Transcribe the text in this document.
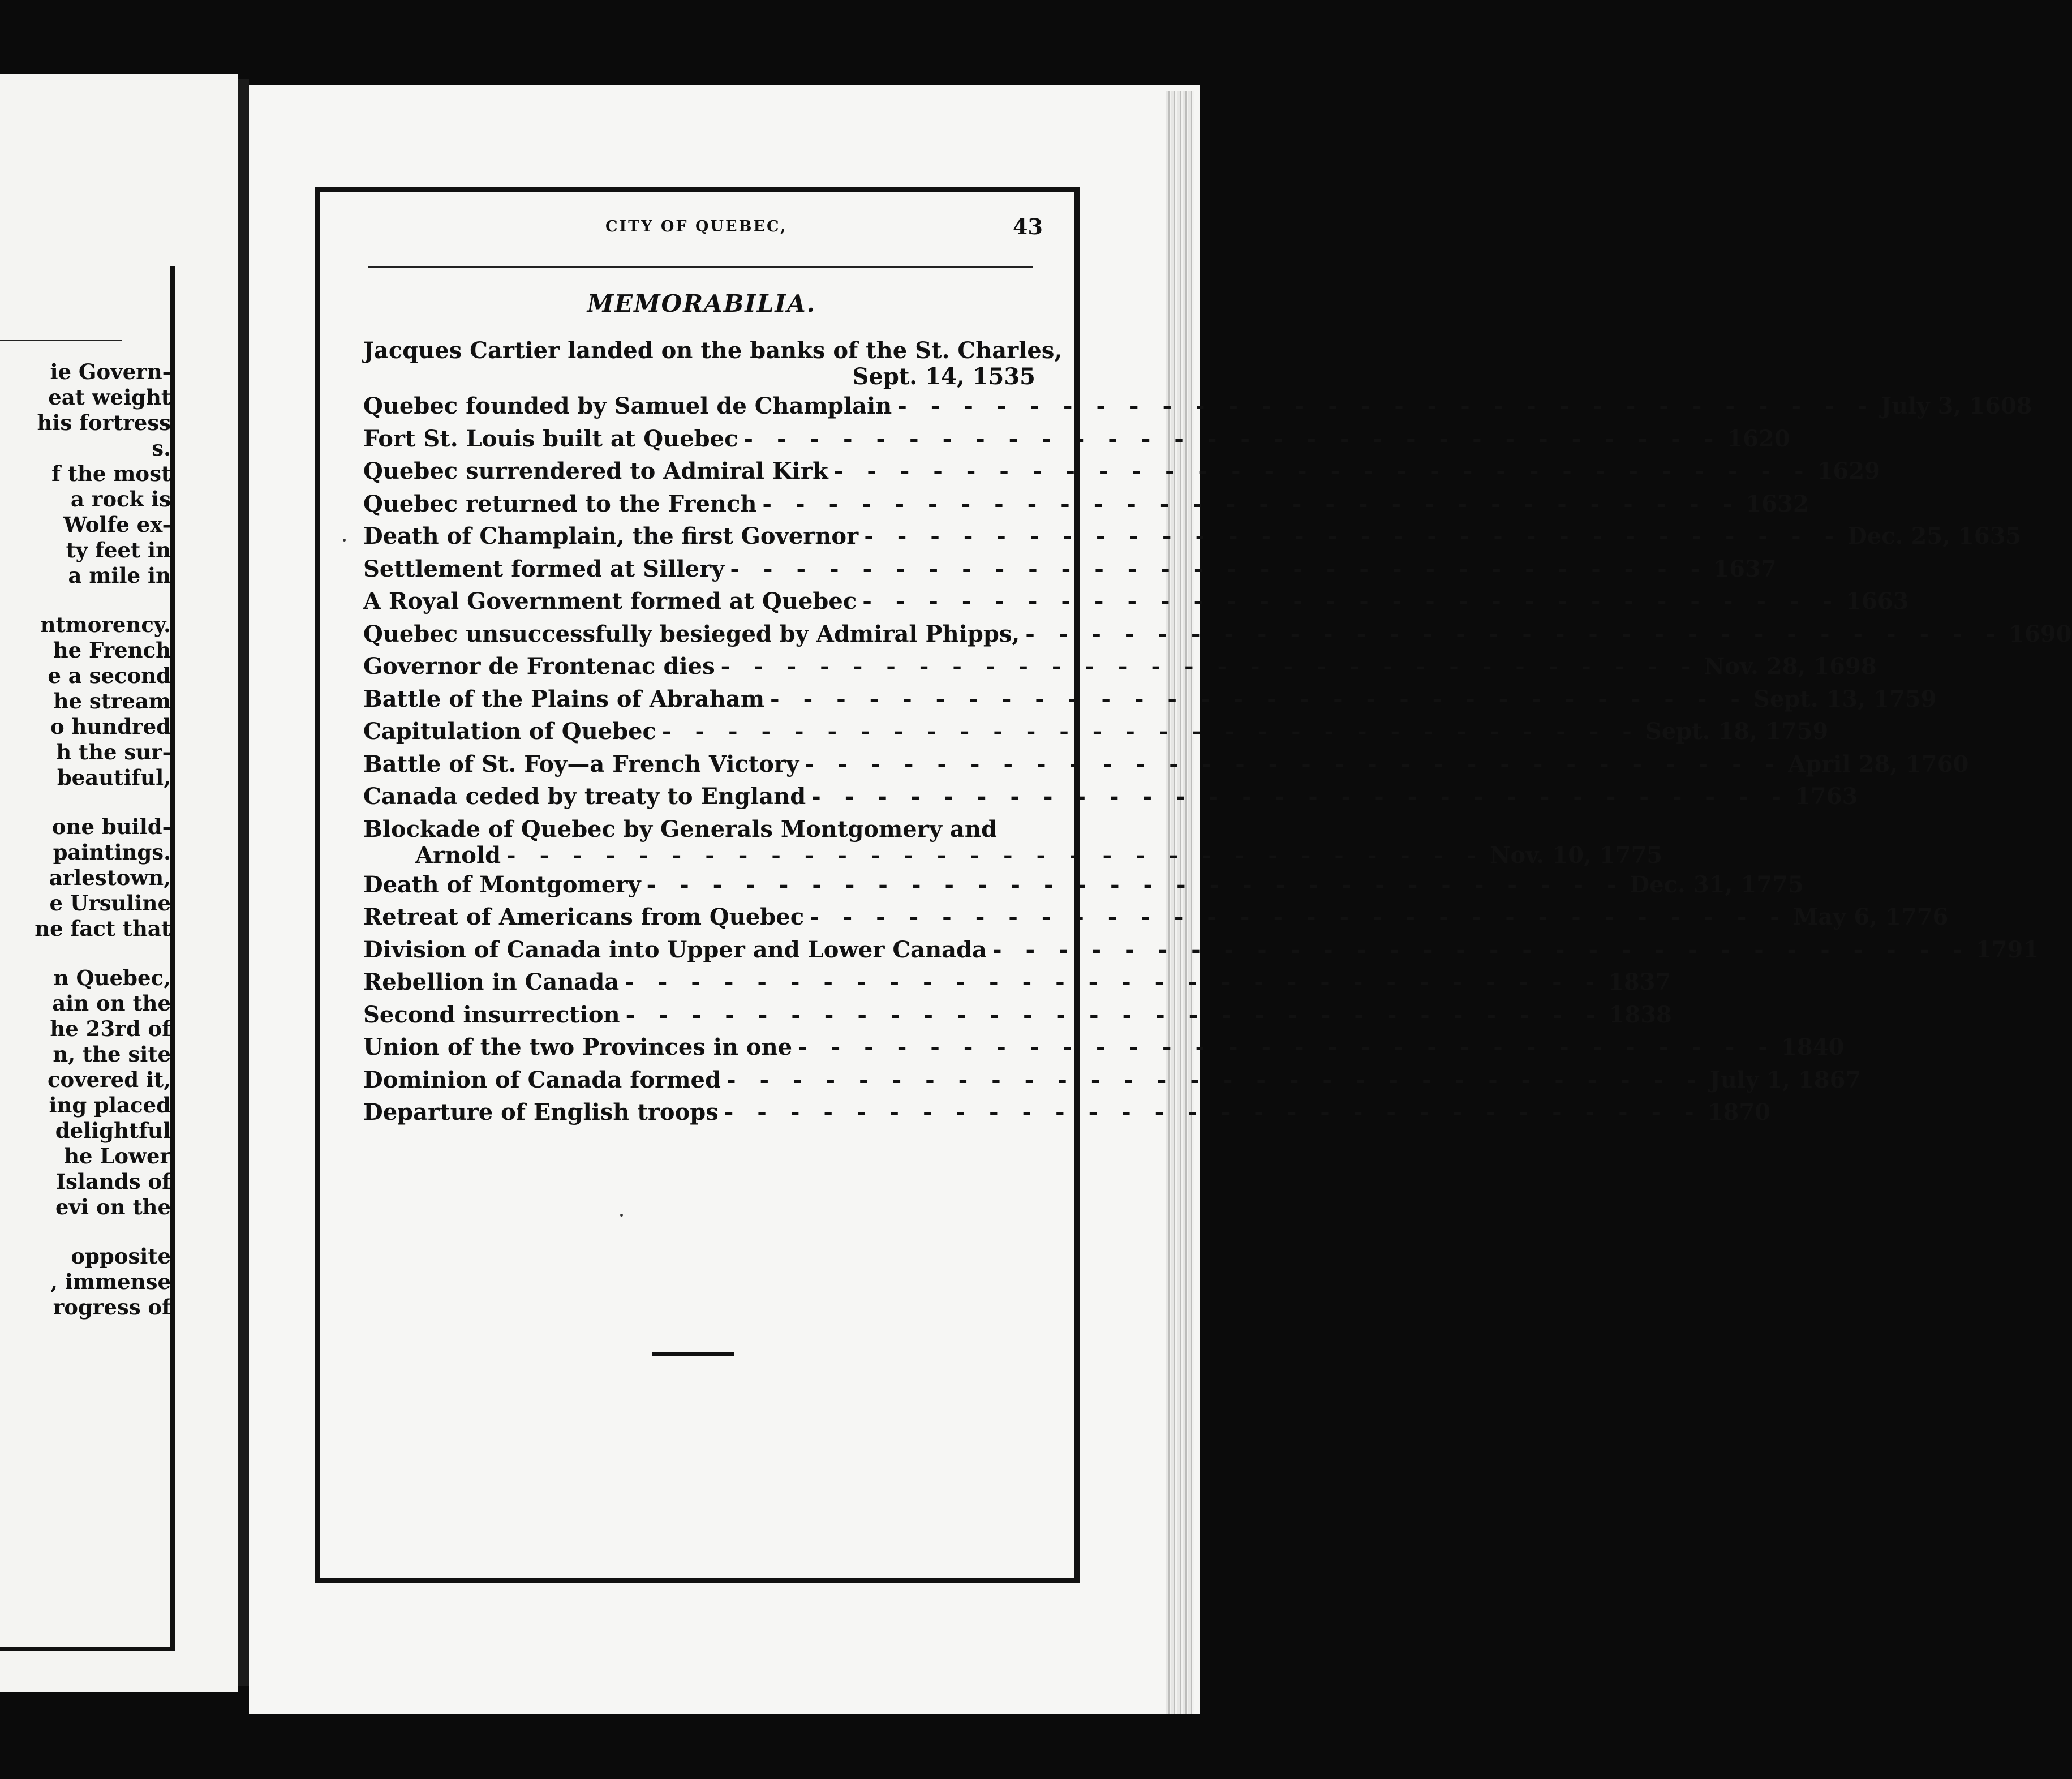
ie Govern-
eat weight
his fortress
s.
f the most
a rock is
Wolfe ex-
ty feet in
a mile in
ntmorency.
he French
e a second
he stream
o hundred
h the sur-
beautiful,
one build-
paintings.
arlestown,
e Ursuline
ne fact that
n Quebec,
ain on the
he 23rd of
n, the site
covered it,
ing placed
delightful
he Lower
Islands of
evi on the
opposite
, immense
rogress of
CITY OF QUEBEC,	43
MEMORABILIA.
Jacques Cartier landed on the banks of the St. Charles,
Sept. 14, 1535
Quebec founded by Samuel de Champlain - - - - - - - - - - - - - - - - - - - - - - - - - - - - - - July 3, 1608
Fort St. Louis built at Quebec - - - - - - - - - - - - - - - - - - - - - - - - - - - - - - 1620
Quebec surrendered to Admiral Kirk - - - - - - - - - - - - - - - - - - - - - - - - - - - - - - 1629
Quebec returned to the French - - - - - - - - - - - - - - - - - - - - - - - - - - - - - - 1632
Death of Champlain, the first Governor - - - - - - - - - - - - - - - - - - - - - - - - - - - - - - Dec. 25, 1635
Settlement formed at Sillery - - - - - - - - - - - - - - - - - - - - - - - - - - - - - - 1637
A Royal Government formed at Quebec - - - - - - - - - - - - - - - - - - - - - - - - - - - - - - 1663
Quebec unsuccessfully besieged by Admiral Phipps, - - - - - - - - - - - - - - - - - - - - - - - - - - - - - - 1690
Governor de Frontenac dies - - - - - - - - - - - - - - - - - - - - - - - - - - - - - - Nov. 28, 1698
Battle of the Plains of Abraham - - - - - - - - - - - - - - - - - - - - - - - - - - - - - - Sept. 13, 1759
Capitulation of Quebec - - - - - - - - - - - - - - - - - - - - - - - - - - - - - - Sept. 18, 1759
Battle of St. Foy—a French Victory - - - - - - - - - - - - - - - - - - - - - - - - - - - - - - April 28, 1760
Canada ceded by treaty to England - - - - - - - - - - - - - - - - - - - - - - - - - - - - - - 1763
Blockade of Quebec by Generals Montgomery and
Arnold - - - - - - - - - - - - - - - - - - - - - - - - - - - - - - Nov. 10, 1775
Death of Montgomery - - - - - - - - - - - - - - - - - - - - - - - - - - - - - - Dec. 31, 1775
Retreat of Americans from Quebec - - - - - - - - - - - - - - - - - - - - - - - - - - - - - - May 6, 1776
Division of Canada into Upper and Lower Canada - - - - - - - - - - - - - - - - - - - - - - - - - - - - - - 1791
Rebellion in Canada - - - - - - - - - - - - - - - - - - - - - - - - - - - - - - 1837
Second insurrection - - - - - - - - - - - - - - - - - - - - - - - - - - - - - - 1838
Union of the two Provinces in one - - - - - - - - - - - - - - - - - - - - - - - - - - - - - - 1840
Dominion of Canada formed - - - - - - - - - - - - - - - - - - - - - - - - - - - - - - July 1, 1867
Departure of English troops - - - - - - - - - - - - - - - - - - - - - - - - - - - - - - 1870
